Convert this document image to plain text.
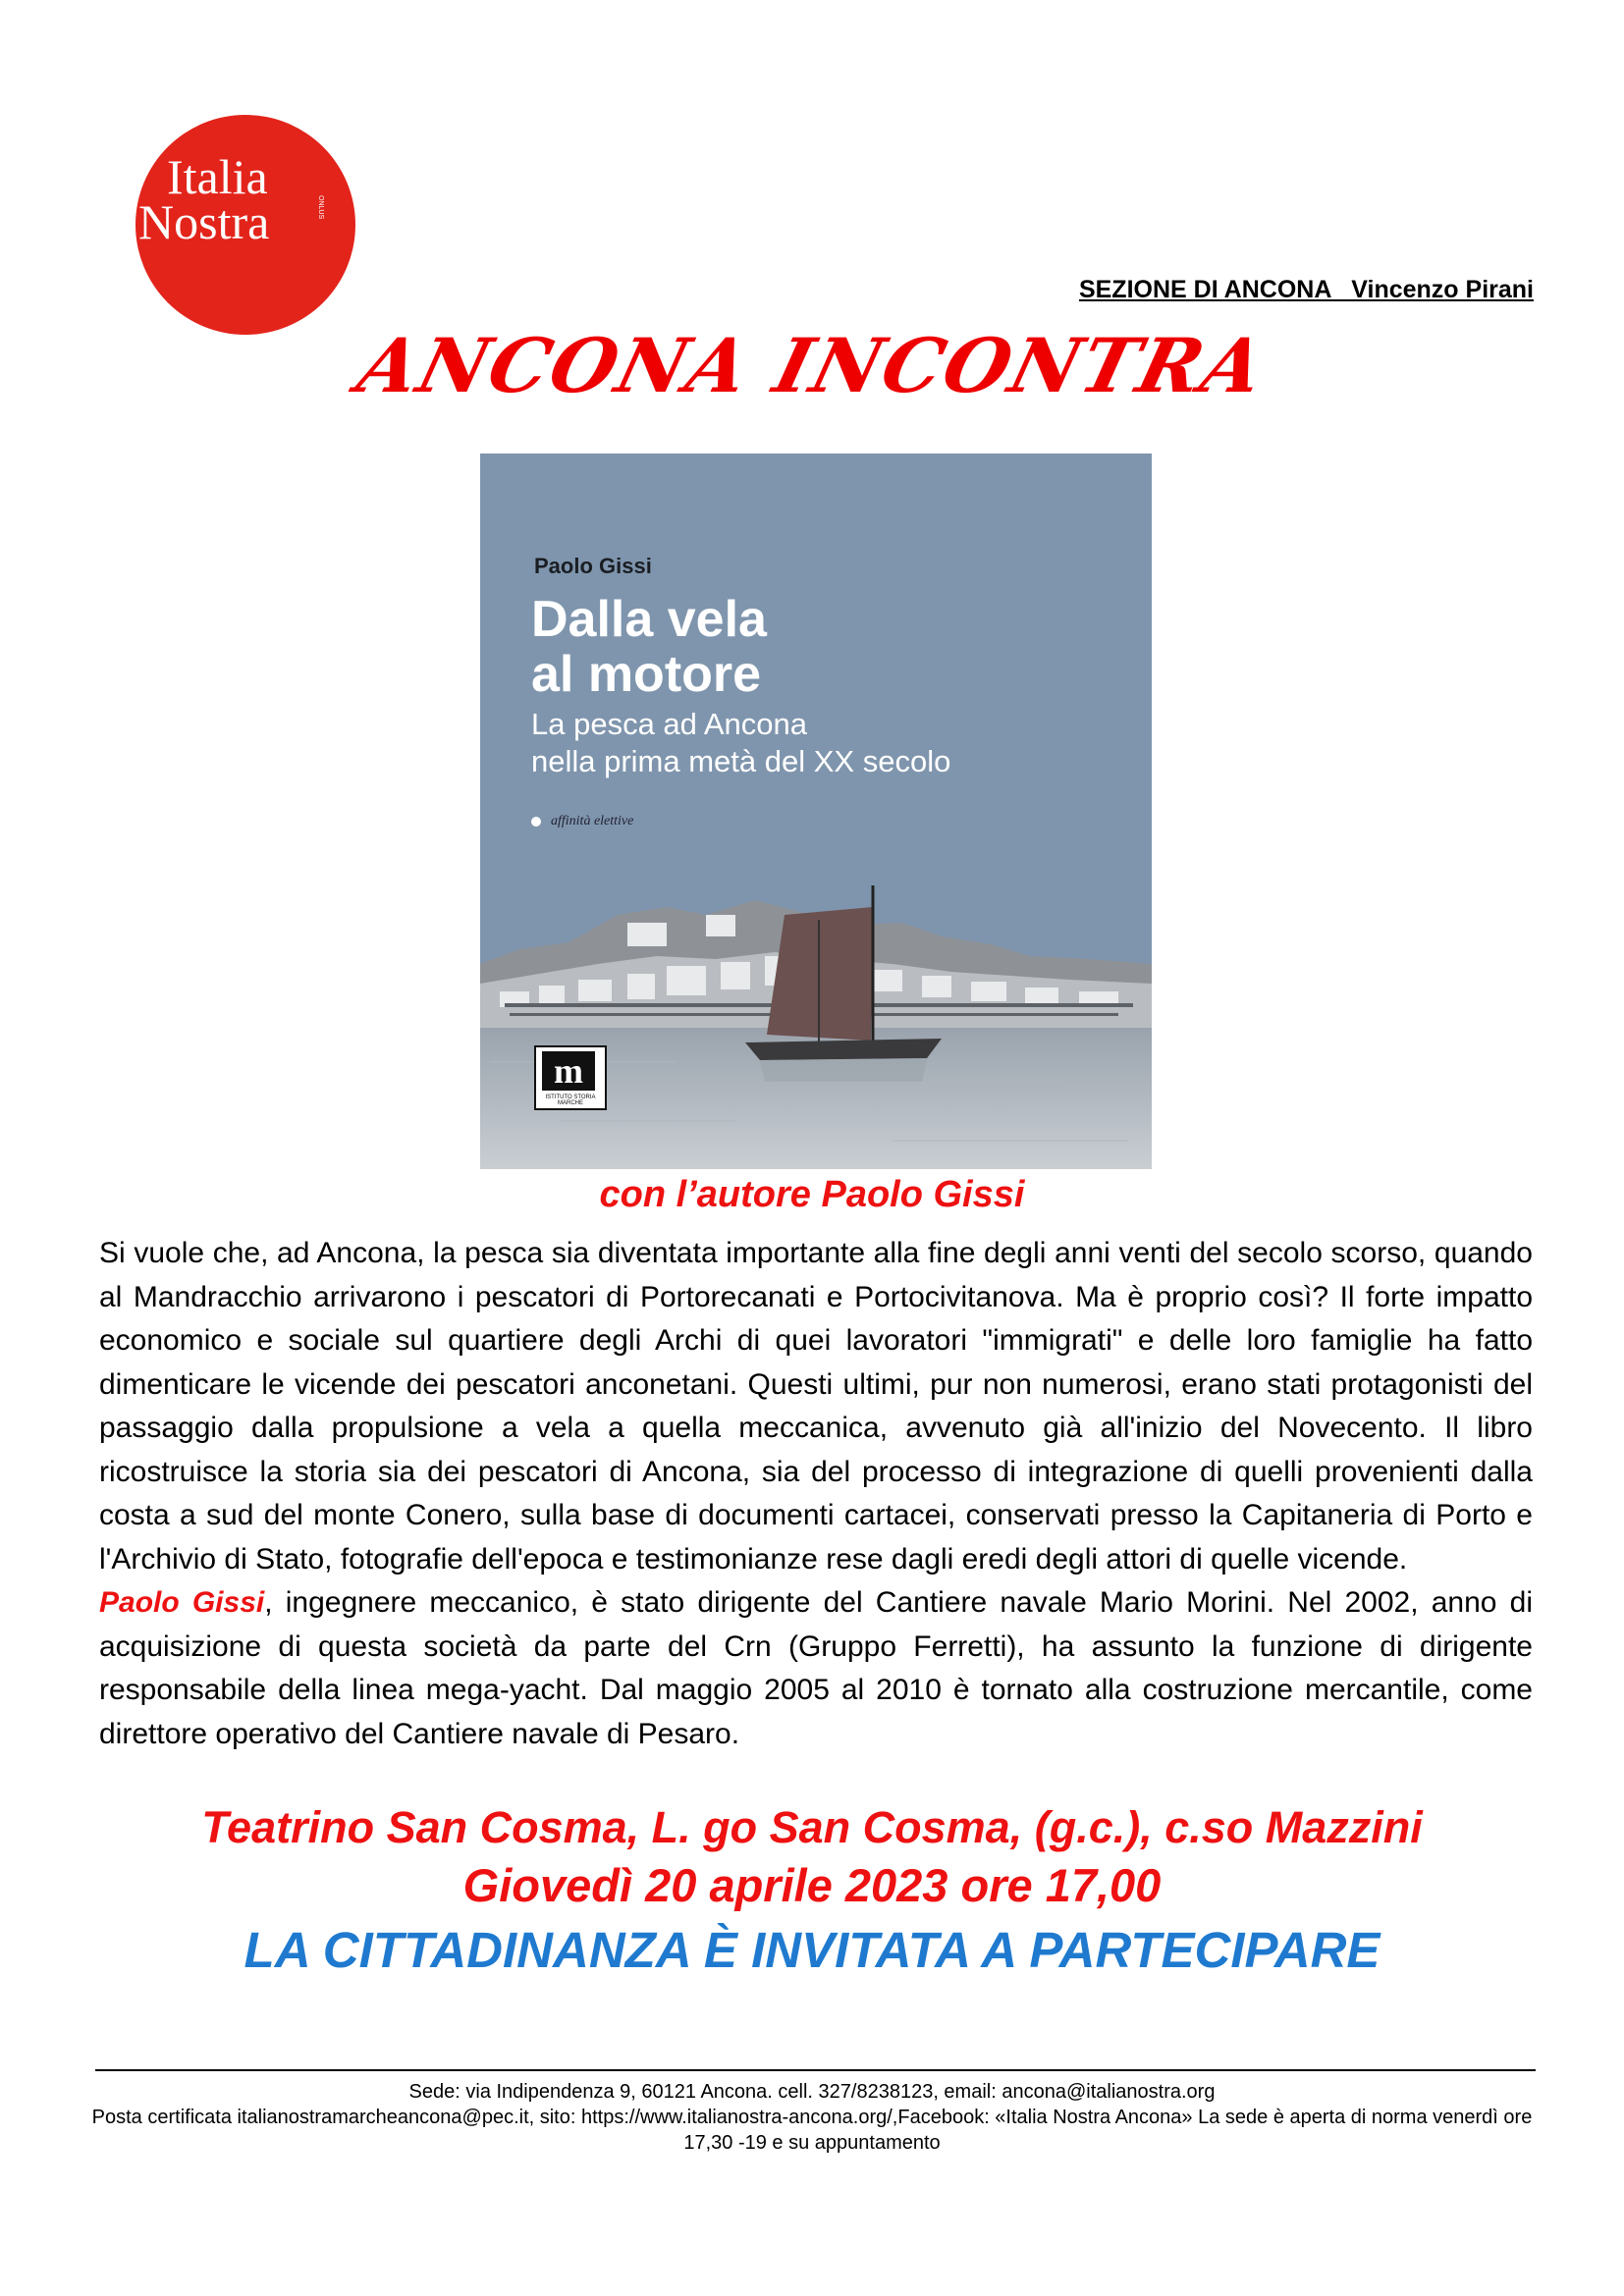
Italia
Nostra	ONLUS
SEZIONE DI ANCONA   Vincenzo Pirani
ANCONA INCONTRA
Paolo Gissi
Dalla vela
al motore
La pesca ad Ancona
nella prima metà del XX secolo
affinità elettive
m
ISTITUTO STORIA MARCHE
con l’autore Paolo Gissi

Si vuole che, ad Ancona, la pesca sia diventata importante alla fine degli anni venti del secolo scorso, quando al Mandracchio arrivarono i pescatori di Portorecanati e Portocivitanova. Ma è proprio così? Il forte impatto economico e sociale sul quartiere degli Archi di quei lavoratori "immigrati" e delle loro famiglie ha fatto dimenticare le vicende dei pescatori anconetani. Questi ultimi, pur non numerosi, erano stati protagonisti del passaggio dalla propulsione a vela a quella meccanica, avvenuto già all'inizio del Novecento. Il libro ricostruisce la storia sia dei pescatori di Ancona, sia del processo di integrazione di quelli provenienti dalla costa a sud del monte Conero, sulla base di documenti cartacei, conservati presso la Capitaneria di Porto e l'Archivio di Stato, fotografie dell'epoca e testimonianze rese dagli eredi degli attori di quelle vicende.

Paolo Gissi, ingegnere meccanico, è stato dirigente del Cantiere navale Mario Morini. Nel 2002, anno di acquisizione di questa società da parte del Crn (Gruppo Ferretti), ha assunto la funzione di dirigente responsabile della linea mega-yacht. Dal maggio 2005 al 2010 è tornato alla costruzione mercantile, come direttore operativo del Cantiere navale di Pesaro.

Teatrino San Cosma, L. go San Cosma, (g.c.), c.so Mazzini
Giovedì 20 aprile 2023 ore 17,00
LA CITTADINANZA È INVITATA A PARTECIPARE
Sede: via Indipendenza 9, 60121 Ancona. cell. 327/8238123, email: ancona@italianostra.org
Posta certificata italianostramarcheancona@pec.it, sito: https://www.italianostra-ancona.org/,Facebook: «Italia Nostra Ancona» La sede è aperta di norma venerdì ore 17,30 -19 e su appuntamento
